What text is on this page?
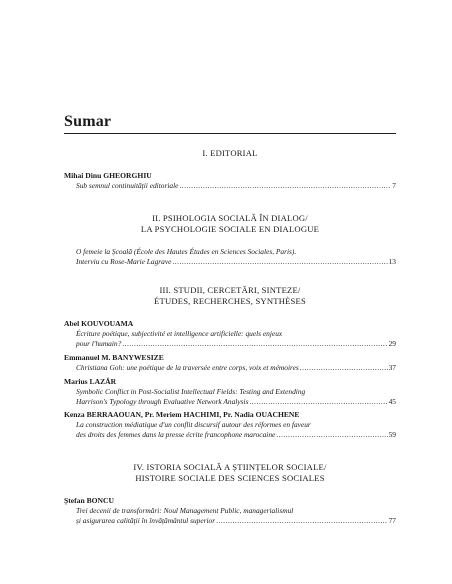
Sumar
I. EDITORIAL
Mihai Dinu GHEORGHIU
Sub semnul continuității editoriale .....	7
II. PSIHOLOGIA SOCIALĂ ÎN DIALOG/
LA PSYCHOLOGIE SOCIALE EN DIALOGUE
O femeie la Școală (École des Hautes Études en Sciences Sociales, Paris).
Interviu cu Rose-Marie Lagrave .....	13
III. STUDII, CERCETĂRI, SINTEZE/
ÉTUDES, RECHERCHES, SYNTHÈSES
Abel KOUVOUAMA
Écriture poétique, subjectivité et intelligence artificielle: quels enjeux
pour l'humain? .....	29
Emmanuel M. BANYWESIZE
Christiana Goh: une poétique de la traversée entre corps, voix et mémoires .....	37
Marius LAZĂR
Symbolic Conflict in Post-Socialist Intellectual Fields: Testing and Extending
Harrison's Typology through Evaluative Network Analysis .....	45
Kenza BERRAAOUAN, Pr. Meriem HACHIMI, Pr. Nadia OUACHENE
La construction médiatique d'un conflit discursif autour des réformes en faveur
des droits des femmes dans la presse écrite francophone marocaine .....	59
IV. ISTORIA SOCIALĂ A ȘTIINȚELOR SOCIALE/
HISTOIRE SOCIALE DES SCIENCES SOCIALES
Ștefan BONCU
Trei decenii de transformări: Noul Management Public, managerialismul
și asigurarea calității în învățământul superior .....	77
